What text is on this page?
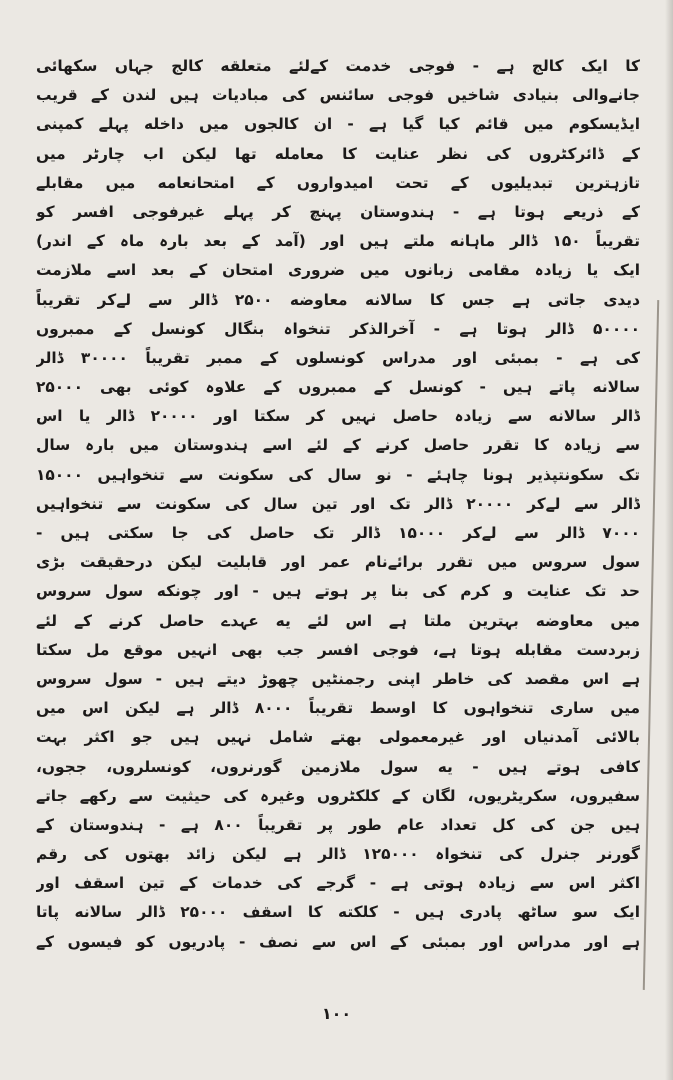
کا ایک کالج ہے - فوجی خدمت کےلئے متعلقه کالج جہاں سکھائی
جانےوالی بنیادی شاخیں فوجی سائنس کی مبادیات ہیں لندن کے قریب
ایڈیسکوم میں قائم کیا گیا ہے - ان کالجوں میں داخله پہلے کمپنی
کے ڈائرکٹروں کی نظر عنایت کا معامله تھا لیکن اب چارٹر میں
تازہترین تبدیلیوں کے تحت امیدواروں کے امتحانعامه میں مقابلے
کے ذریعے ہوتا ہے - ہندوستان پہنچ کر پہلے غیرفوجی افسر کو
تقریباً ۱۵۰ ڈالر ماہانه ملتے ہیں اور (آمد کے بعد بارہ ماہ کے اندر)
ایک یا زیادہ مقامی زبانوں میں ضروری امتحان کے بعد اسے ملازمت
دیدی جاتی ہے جس کا سالانه معاوضه ۲۵۰۰ ڈالر سے لےکر تقریباً
۵۰۰۰۰ ڈالر ہوتا ہے - آخرالذکر تنخواہ بنگال کونسل کے ممبروں
کی ہے - بمبئی اور مدراس کونسلوں کے ممبر تقریباً ۳۰۰۰۰ ڈالر
سالانه پاتے ہیں - کونسل کے ممبروں کے علاوہ کوئی بھی ۲۵۰۰۰
ڈالر سالانه سے زیادہ حاصل نہیں کر سکتا اور ۲۰۰۰۰ ڈالر یا اس
سے زیادہ کا تقرر حاصل کرنے کے لئے اسے ہندوستان میں بارہ سال
تک سکونتپذیر ہونا چاہئے - نو سال کی سکونت سے تنخواہیں ۱۵۰۰۰
ڈالر سے لےکر ۲۰۰۰۰ ڈالر تک اور تین سال کی سکونت سے تنخواہیں
۷۰۰۰ ڈالر سے لےکر ۱۵۰۰۰ ڈالر تک حاصل کی جا سکتی ہیں -
سول سروس میں تقرر برائےنام عمر اور قابلیت لیکن درحقیقت بڑی
حد تک عنایت و کرم کی بنا پر ہوتے ہیں - اور چونکه سول سروس
میں معاوضه بہترین ملتا ہے اس لئے یه عہدے حاصل کرنے کے لئے
زبردست مقابله ہوتا ہے، فوجی افسر جب بھی انہیں موقع مل سکتا
ہے اس مقصد کی خاطر اپنی رجمنٹیں چھوڑ دیتے ہیں - سول سروس
میں ساری تنخواہوں کا اوسط تقریباً ۸۰۰۰ ڈالر ہے لیکن اس میں
بالائی آمدنیاں اور غیرمعمولی بھتے شامل نہیں ہیں جو اکثر بہت
کافی ہوتے ہیں - یه سول ملازمین گورنروں، کونسلروں، ججوں،
سفیروں، سکریٹریوں، لگان کے کلکٹروں وغیرہ کی حیثیت سے رکھے جاتے
ہیں جن کی کل تعداد عام طور پر تقریباً ۸۰۰ ہے - ہندوستان کے
گورنر جنرل کی تنخواہ ۱۲۵۰۰۰ ڈالر ہے لیکن زائد بھتوں کی رقم
اکثر اس سے زیادہ ہوتی ہے - گرجے کی خدمات کے تین اسقف اور
ایک سو ساٹھ پادری ہیں - کلکته کا اسقف ۲۵۰۰۰ ڈالر سالانه پاتا
ہے اور مدراس اور بمبئی کے اس سے نصف - پادریوں کو فیسوں کے
۱۰۰
